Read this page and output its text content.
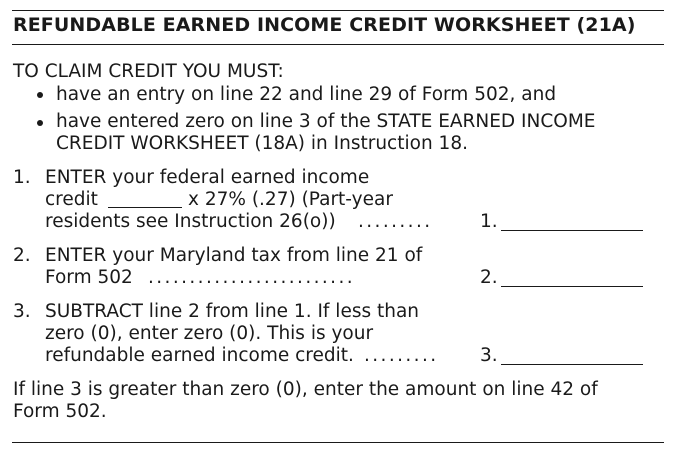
REFUNDABLE EARNED INCOME CREDIT WORKSHEET (21A)
TO CLAIM CREDIT YOU MUST:
have an entry on line 22 and line 29 of Form 502, and
have entered zero on line 3 of the STATE EARNED INCOME
CREDIT WORKSHEET (18A) in Instruction 18.
1. ENTER your federal earned income
credit	x 27% (.27) (Part-year
residents see Instruction 26(o)) .........	1.
2. ENTER your Maryland tax from line 21 of
Form 502 .........................	2.
3. SUBTRACT line 2 from line 1. If less than
zero (0), enter zero (0). This is your
refundable earned income credit. ......... 3.
If line 3 is greater than zero (0), enter the amount on line 42 of
Form 502.
